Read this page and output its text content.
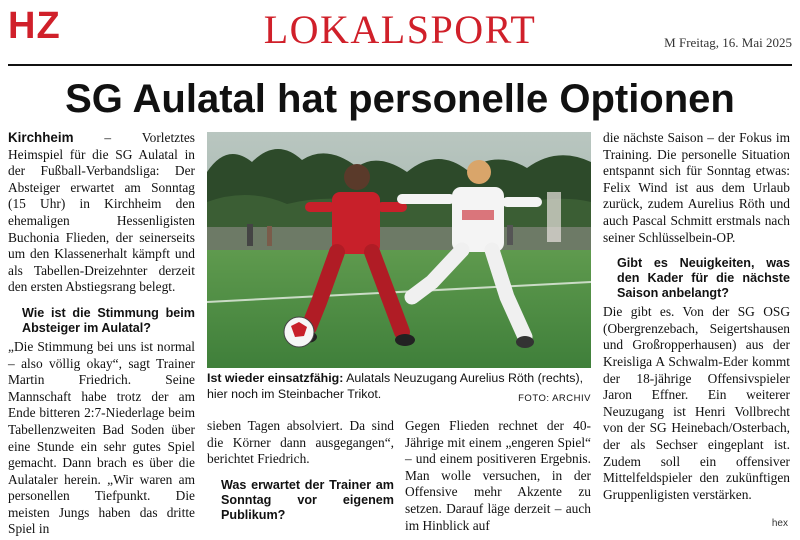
HZ	LOKALSPORT	M Freitag, 16. Mai 2025
SG Aulatal hat personelle Optionen

Kirchheim – Vorletztes Heimspiel für die SG Aulatal in der Fußball-Verbandsliga: Der Absteiger erwartet am Sonntag (15 Uhr) in Kirchheim den ehemaligen Hessenligisten Buchonia Flieden, der seinerseits um den Klassenerhalt kämpft und als Tabellen-Dreizehnter derzeit den ersten Abstiegsrang belegt.

Wie ist die Stimmung beim Absteiger im Aulatal?

„Die Stimmung bei uns ist normal – also völlig okay“, sagt Trainer Martin Friedrich. Seine Mannschaft habe trotz der am Ende bitteren 2:7-Niederlage beim Tabellenzweiten Bad Soden über eine Stunde ein sehr gutes Spiel gemacht. Dann brach es über die Aulataler herein. „Wir waren am personellen Tiefpunkt. Die meisten Jungs haben das dritte Spiel in

Ist wieder einsatzfähig: Aulatals Neuzugang Aurelius Röth (rechts), hier noch im Steinbacher Trikot.	FOTO: ARCHIV

sieben Tagen absolviert. Da sind die Körner dann ausgegangen“, berichtet Friedrich.

Was erwartet der Trainer am Sonntag vor eigenem Publikum?

Gegen Flieden rechnet der 40-Jährige mit einem „engeren Spiel“ – und einem positiveren Ergebnis. Man wolle versuchen, in der Offensive mehr Akzente zu setzen. Darauf läge derzeit – auch im Hinblick auf

die nächste Saison – der Fokus im Training. Die personelle Situation entspannt sich für Sonntag etwas: Felix Wind ist aus dem Urlaub zurück, zudem Aurelius Röth und auch Pascal Schmitt erstmals nach seiner Schlüsselbein-OP.

Gibt es Neuigkeiten, was den Kader für die nächste Saison anbelangt?

Die gibt es. Von der SG OSG (Obergrenzebach, Seigertshausen und Großropperhausen) aus der Kreisliga A Schwalm-Eder kommt der 18-jährige Offensivspieler Jaron Effner. Ein weiterer Neuzugang ist Henri Vollbrecht von der SG Heinebach/Osterbach, der als Sechser eingeplant ist. Zudem soll ein offensiver Mittelfeldspieler den zukünftigen Gruppenligisten verstärken.

hex
